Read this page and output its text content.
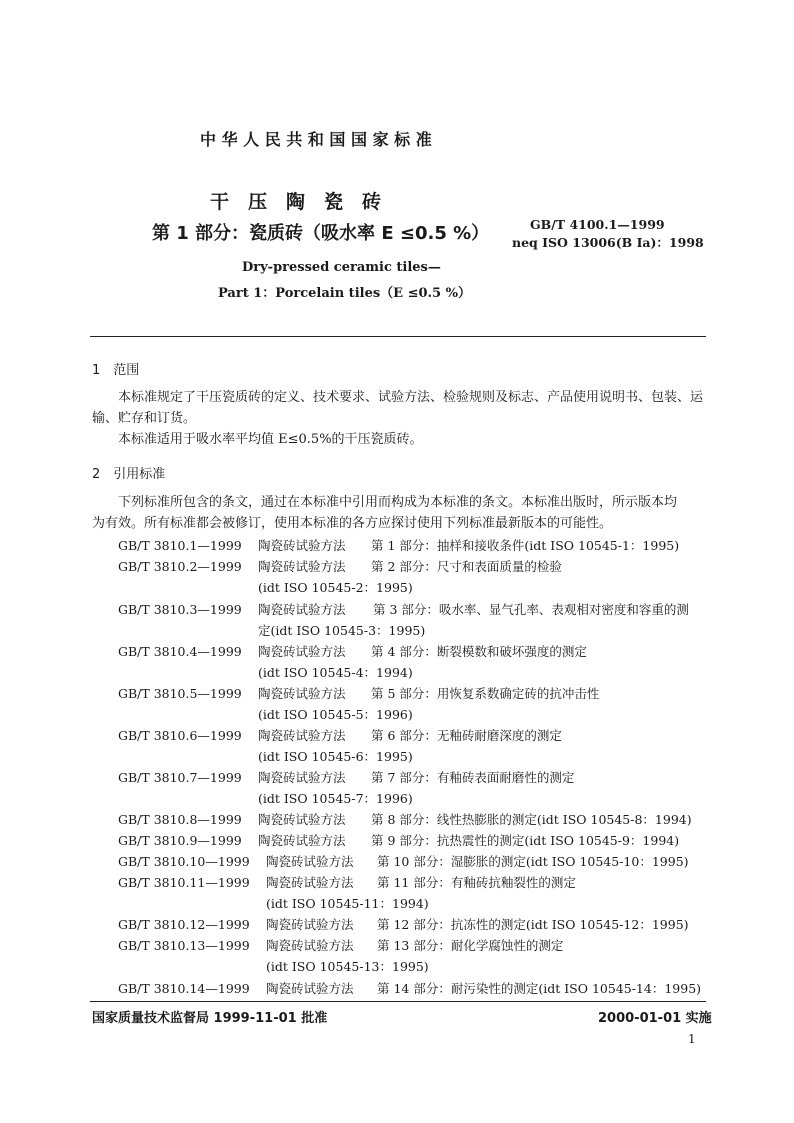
中 华 人 民 共 和 国 国 家 标 准
干　压　陶　瓷　砖
第 1 部分：瓷质砖（吸水率 E ≤0.5 %）	GB/T 4100.1—1999
neq ISO 13006(B Ⅰa)：1998
Dry-pressed ceramic tiles—
Part 1：Porcelain tiles（E ≤0.5 %）
1　范围
本标准规定了干压瓷质砖的定义、技术要求、试验方法、检验规则及标志、产品使用说明书、包装、运
输、贮存和订货。
本标准适用于吸水率平均值 E≤0.5%的干压瓷质砖。
2　引用标准
下列标准所包含的条文，通过在本标准中引用而构成为本标准的条文。本标准出版时，所示版本均
为有效。所有标准都会被修订，使用本标准的各方应探讨使用下列标准最新版本的可能性。
GB/T 3810.1—1999 陶瓷砖试验方法 第 1 部分：抽样和接收条件(idt ISO 10545-1：1995)
GB/T 3810.2—1999 陶瓷砖试验方法 第 2 部分：尺寸和表面质量的检验
(idt ISO 10545-2：1995)
GB/T 3810.3—1999 陶瓷砖试验方法 第 3 部分：吸水率、显气孔率、表观相对密度和容重的测
定(idt ISO 10545-3：1995)
GB/T 3810.4—1999 陶瓷砖试验方法 第 4 部分：断裂模数和破坏强度的测定
(idt ISO 10545-4：1994)
GB/T 3810.5—1999 陶瓷砖试验方法 第 5 部分：用恢复系数确定砖的抗冲击性
(idt ISO 10545-5：1996)
GB/T 3810.6—1999 陶瓷砖试验方法 第 6 部分：无釉砖耐磨深度的测定
(idt ISO 10545-6：1995)
GB/T 3810.7—1999 陶瓷砖试验方法 第 7 部分：有釉砖表面耐磨性的测定
(idt ISO 10545-7：1996)
GB/T 3810.8—1999 陶瓷砖试验方法 第 8 部分：线性热膨胀的测定(idt ISO 10545-8：1994)
GB/T 3810.9—1999 陶瓷砖试验方法 第 9 部分：抗热震性的测定(idt ISO 10545-9：1994)
GB/T 3810.10—1999 陶瓷砖试验方法 第 10 部分：湿膨胀的测定(idt ISO 10545-10：1995)
GB/T 3810.11—1999 陶瓷砖试验方法 第 11 部分：有釉砖抗釉裂性的测定
(idt ISO 10545-11：1994)
GB/T 3810.12—1999 陶瓷砖试验方法 第 12 部分：抗冻性的测定(idt ISO 10545-12：1995)
GB/T 3810.13—1999 陶瓷砖试验方法 第 13 部分：耐化学腐蚀性的测定
(idt ISO 10545-13：1995)
GB/T 3810.14—1999 陶瓷砖试验方法 第 14 部分：耐污染性的测定(idt ISO 10545-14：1995)
国家质量技术监督局 1999-11-01 批准	2000-01-01 实施
1
